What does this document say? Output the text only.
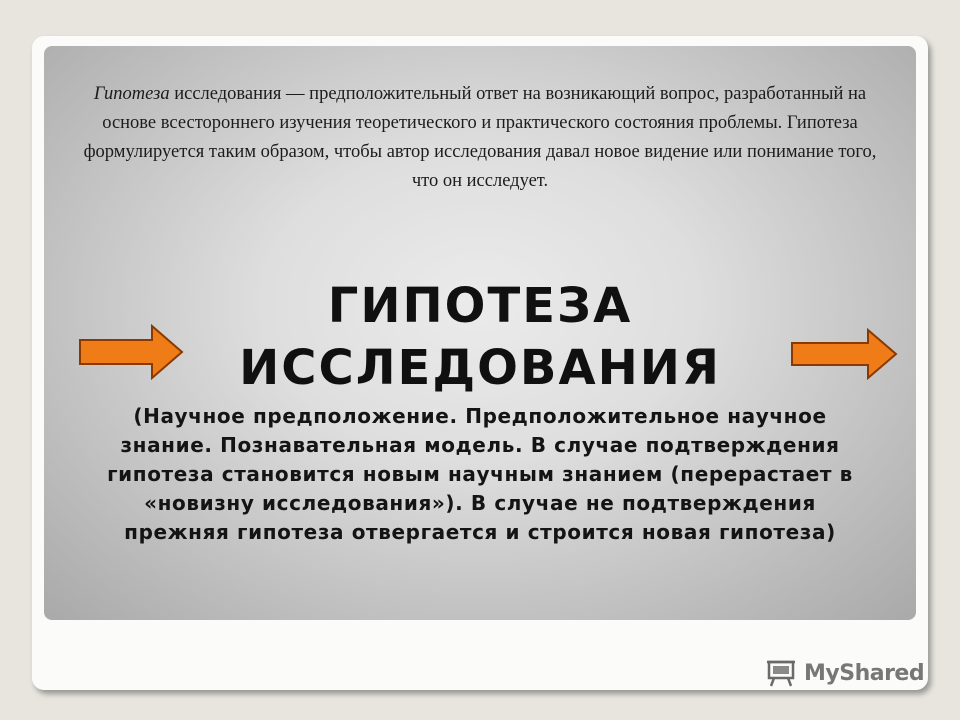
Гипотеза исследования — предположительный ответ на возникающий вопрос, разработанный на основе всестороннего изучения теоретического и практического состояния проблемы. Гипотеза формулируется таким образом, чтобы автор исследования давал новое видение или понимание того, что он исследует.

ГИПОТЕЗА
ИССЛЕДОВАНИЯ

(Научное предположение. Предположительное научное знание. Познавательная модель. В случае подтверждения гипотеза становится новым научным знанием (перерастает в «новизну исследования»). В случае не подтверждения прежняя гипотеза отвергается и строится новая гипотеза)

MyShared
